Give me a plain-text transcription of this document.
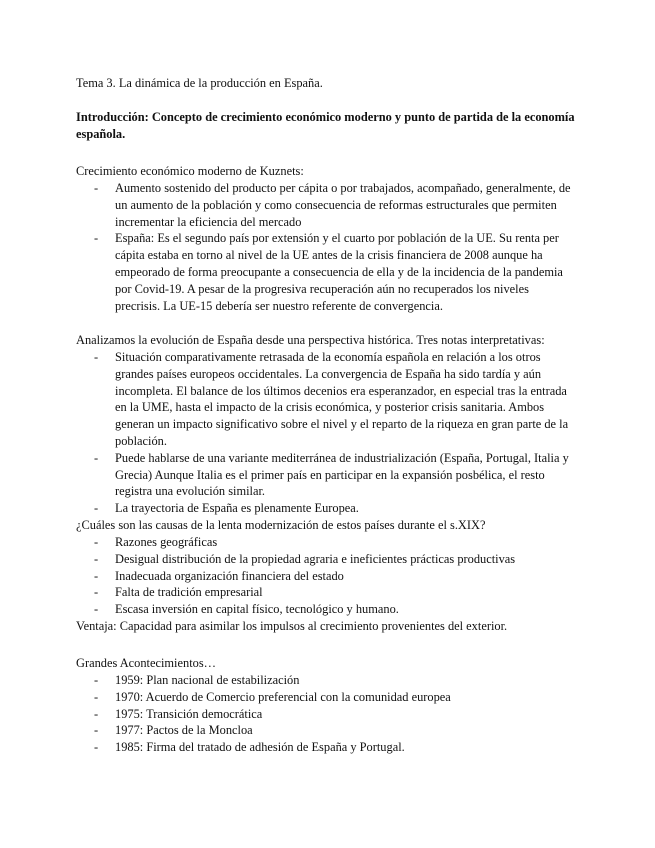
Tema 3. La dinámica de la producción en España.

Introducción: Concepto de crecimiento económico moderno y punto de partida de la economía española.

Crecimiento económico moderno de Kuznets:

- Aumento sostenido del producto per cápita o por trabajados, acompañado, generalmente, de un aumento de la población y como consecuencia de reformas estructurales que permiten incrementar la eficiencia del mercado
- España: Es el segundo país por extensión y el cuarto por población de la UE. Su renta per cápita estaba en torno al nivel de la UE antes de la crisis financiera de 2008 aunque ha empeorado de forma preocupante a consecuencia de ella y de la incidencia de la pandemia por Covid-19. A pesar de la progresiva recuperación aún no recuperados los niveles precrisis. La UE-15 debería ser nuestro referente de convergencia.

Analizamos la evolución de España desde una perspectiva histórica. Tres notas interpretativas:

- Situación comparativamente retrasada de la economía española en relación a los otros grandes países europeos occidentales. La convergencia de España ha sido tardía y aún incompleta. El balance de los últimos decenios era esperanzador, en especial tras la entrada en la UME, hasta el impacto de la crisis económica, y posterior crisis sanitaria. Ambos generan un impacto significativo sobre el nivel y el reparto de la riqueza en gran parte de la población.
- Puede hablarse de una variante mediterránea de industrialización (España, Portugal, Italia y Grecia) Aunque Italia es el primer país en participar en la expansión posbélica, el resto registra una evolución similar.
- La trayectoria de España es plenamente Europea.

¿Cuáles son las causas de la lenta modernización de estos países durante el s.XIX?

- Razones geográficas
- Desigual distribución de la propiedad agraria e ineficientes prácticas productivas
- Inadecuada organización financiera del estado
- Falta de tradición empresarial
- Escasa inversión en capital físico, tecnológico y humano.

Ventaja: Capacidad para asimilar los impulsos al crecimiento provenientes del exterior.

Grandes Acontecimientos…

- 1959: Plan nacional de estabilización
- 1970: Acuerdo de Comercio preferencial con la comunidad europea
- 1975: Transición democrática
- 1977: Pactos de la Moncloa
- 1985: Firma del tratado de adhesión de España y Portugal.
